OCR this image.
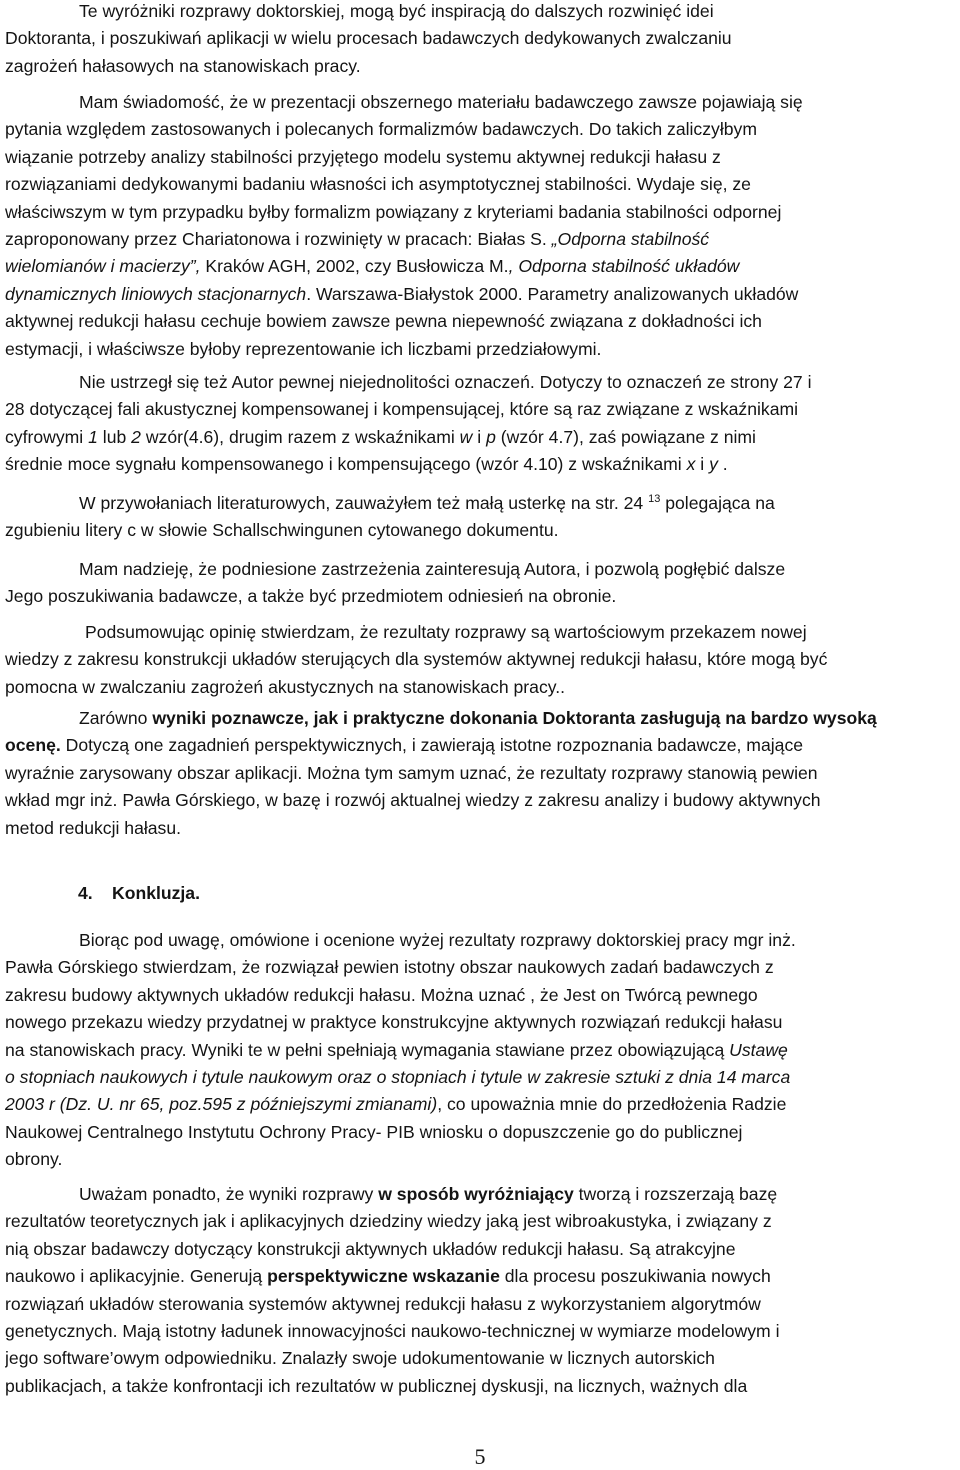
Te wyróżniki rozprawy doktorskiej, mogą być inspiracją do dalszych rozwinięć idei
Doktoranta, i poszukiwań aplikacji w wielu procesach badawczych dedykowanych zwalczaniu
zagrożeń hałasowych na stanowiskach pracy.
Mam świadomość, że w prezentacji obszernego materiału badawczego zawsze pojawiają się
pytania względem zastosowanych i polecanych formalizmów badawczych. Do takich zaliczyłbym
wiązanie potrzeby analizy stabilności przyjętego modelu systemu aktywnej redukcji hałasu z
rozwiązaniami dedykowanymi badaniu własności ich asymptotycznej stabilności. Wydaje się, ze
właściwszym w tym przypadku byłby formalizm powiązany z kryteriami badania stabilności odpornej
zaproponowany przez Chariatonowa i rozwinięty w pracach: Białas S. „Odporna stabilność
wielomianów i macierzy”, Kraków AGH, 2002, czy Busłowicza M., Odporna stabilność układów
dynamicznych liniowych stacjonarnych. Warszawa-Białystok 2000. Parametry analizowanych układów
aktywnej redukcji hałasu cechuje bowiem zawsze pewna niepewność związana z dokładności ich
estymacji, i właściwsze byłoby reprezentowanie ich liczbami przedziałowymi.
Nie ustrzegł się też Autor pewnej niejednolitości oznaczeń. Dotyczy to oznaczeń ze strony 27 i
28 dotyczącej fali akustycznej kompensowanej i kompensującej, które są raz związane z wskaźnikami
cyfrowymi 1 lub 2 wzór(4.6), drugim razem z wskaźnikami w i p (wzór 4.7), zaś powiązane z nimi
średnie moce sygnału kompensowanego i kompensującego (wzór 4.10) z wskaźnikami x i y .
W przywołaniach literaturowych, zauważyłem też małą usterkę na str. 24 $^{13}$ polegająca na
zgubieniu litery c w słowie Schallschwingunen cytowanego dokumentu.
Mam nadzieję, że podniesione zastrzeżenia zainteresują Autora, i pozwolą pogłębić dalsze
Jego poszukiwania badawcze, a także być przedmiotem odniesień na obronie.
Podsumowując opinię stwierdzam, że rezultaty rozprawy są wartościowym przekazem nowej
wiedzy z zakresu konstrukcji układów sterujących dla systemów aktywnej redukcji hałasu, które mogą być
pomocna w zwalczaniu zagrożeń akustycznych na stanowiskach pracy..
Zarówno wyniki poznawcze, jak i praktyczne dokonania Doktoranta zasługują na bardzo wysoką
ocenę. Dotyczą one zagadnień perspektywicznych, i zawierają istotne rozpoznania badawcze, mające
wyraźnie zarysowany obszar aplikacji. Można tym samym uznać, że rezultaty rozprawy stanowią pewien
wkład mgr inż. Pawła Górskiego, w bazę i rozwój aktualnej wiedzy z zakresu analizy i budowy aktywnych
metod redukcji hałasu.
4. Konkluzja.
Biorąc pod uwagę, omówione i ocenione wyżej rezultaty rozprawy doktorskiej pracy mgr inż.
Pawła Górskiego stwierdzam, że rozwiązał pewien istotny obszar naukowych zadań badawczych z
zakresu budowy aktywnych układów redukcji hałasu. Można uznać , że Jest on Twórcą pewnego
nowego przekazu wiedzy przydatnej w praktyce konstrukcyjne aktywnych rozwiązań redukcji hałasu
na stanowiskach pracy. Wyniki te w pełni spełniają wymagania stawiane przez obowiązującą Ustawę
o stopniach naukowych i tytule naukowym oraz o stopniach i tytule w zakresie sztuki z dnia 14 marca
2003 r (Dz. U. nr 65, poz.595 z późniejszymi zmianami), co upoważnia mnie do przedłożenia Radzie
Naukowej Centralnego Instytutu Ochrony Pracy- PIB wniosku o dopuszczenie go do publicznej
obrony.
Uważam ponadto, że wyniki rozprawy w sposób wyróżniający tworzą i rozszerzają bazę
rezultatów teoretycznych jak i aplikacyjnych dziedziny wiedzy jaką jest wibroakustyka, i związany z
nią obszar badawczy dotyczący konstrukcji aktywnych układów redukcji hałasu. Są atrakcyjne
naukowo i aplikacyjnie. Generują perspektywiczne wskazanie dla procesu poszukiwania nowych
rozwiązań układów sterowania systemów aktywnej redukcji hałasu z wykorzystaniem algorytmów
genetycznych. Mają istotny ładunek innowacyjności naukowo-technicznej w wymiarze modelowym i
jego software’owym odpowiedniku. Znalazły swoje udokumentowanie w licznych autorskich
publikacjach, a także konfrontacji ich rezultatów w publicznej dyskusji, na licznych, ważnych dla
5
